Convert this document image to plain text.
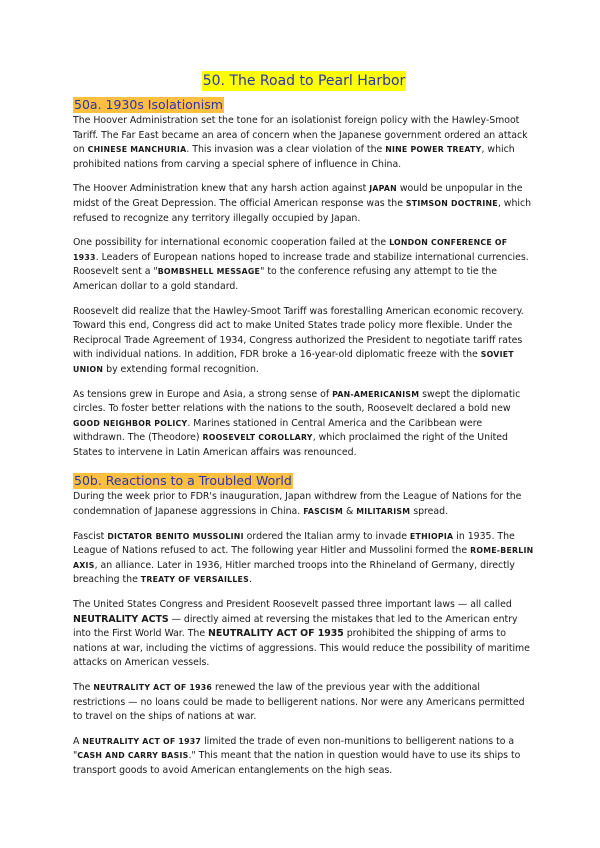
50. The Road to Pearl Harbor
50a. 1930s Isolationism

The Hoover Administration set the tone for an isolationist foreign policy with the Hawley-Smoot Tariff. The Far East became an area of concern when the Japanese government ordered an attack on CHINESE MANCHURIA. This invasion was a clear violation of the NINE POWER TREATY, which prohibited nations from carving a special sphere of influence in China.

The Hoover Administration knew that any harsh action against JAPAN would be unpopular in the midst of the Great Depression. The official American response was the STIMSON DOCTRINE, which refused to recognize any territory illegally occupied by Japan.

One possibility for international economic cooperation failed at the LONDON CONFERENCE OF 1933. Leaders of European nations hoped to increase trade and stabilize international currencies. Roosevelt sent a "BOMBSHELL MESSAGE" to the conference refusing any attempt to tie the American dollar to a gold standard.

Roosevelt did realize that the Hawley-Smoot Tariff was forestalling American economic recovery. Toward this end, Congress did act to make United States trade policy more flexible. Under the Reciprocal Trade Agreement of 1934, Congress authorized the President to negotiate tariff rates with individual nations. In addition, FDR broke a 16-year-old diplomatic freeze with the SOVIET UNION by extending formal recognition.

As tensions grew in Europe and Asia, a strong sense of PAN-AMERICANISM swept the diplomatic circles. To foster better relations with the nations to the south, Roosevelt declared a bold new GOOD NEIGHBOR POLICY. Marines stationed in Central America and the Caribbean were withdrawn. The (Theodore) ROOSEVELT COROLLARY, which proclaimed the right of the United States to intervene in Latin American affairs was renounced.

50b. Reactions to a Troubled World

During the week prior to FDR's inauguration, Japan withdrew from the League of Nations for the condemnation of Japanese aggressions in China. FASCISM & MILITARISM spread.

Fascist DICTATOR BENITO MUSSOLINI ordered the Italian army to invade ETHIOPIA in 1935. The League of Nations refused to act. The following year Hitler and Mussolini formed the ROME-BERLIN AXIS, an alliance. Later in 1936, Hitler marched troops into the Rhineland of Germany, directly breaching the TREATY OF VERSAILLES.

The United States Congress and President Roosevelt passed three important laws — all called NEUTRALITY ACTS — directly aimed at reversing the mistakes that led to the American entry into the First World War. The NEUTRALITY ACT OF 1935 prohibited the shipping of arms to nations at war, including the victims of aggressions. This would reduce the possibility of maritime attacks on American vessels.

The NEUTRALITY ACT OF 1936 renewed the law of the previous year with the additional restrictions — no loans could be made to belligerent nations. Nor were any Americans permitted to travel on the ships of nations at war.

A NEUTRALITY ACT OF 1937 limited the trade of even non-munitions to belligerent nations to a "CASH AND CARRY BASIS." This meant that the nation in question would have to use its ships to transport goods to avoid American entanglements on the high seas.
